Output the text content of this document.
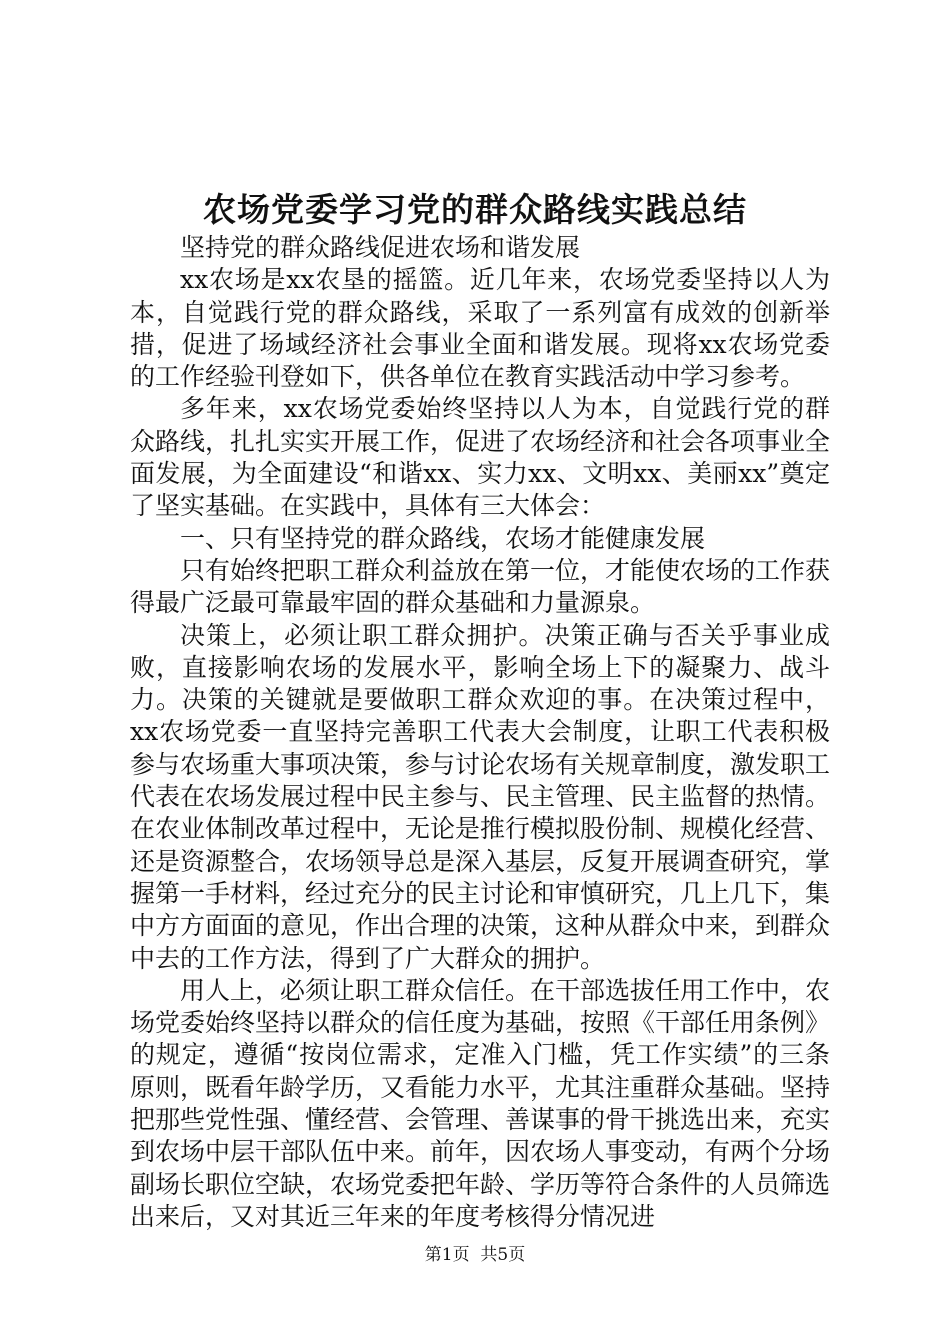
农场党委学习党的群众路线实践总结

坚持党的群众路线促进农场和谐发展

xx农场是xx农垦的摇篮。近几年来，农场党委坚持以人为本，自觉践行党的群众路线，采取了一系列富有成效的创新举措，促进了场域经济社会事业全面和谐发展。现将xx农场党委的工作经验刊登如下，供各单位在教育实践活动中学习参考。

多年来，xx农场党委始终坚持以人为本，自觉践行党的群众路线，扎扎实实开展工作，促进了农场经济和社会各项事业全面发展，为全面建设“和谐xx、实力xx、文明xx、美丽xx”奠定了坚实基础。在实践中，具体有三大体会：

一、只有坚持党的群众路线，农场才能健康发展

只有始终把职工群众利益放在第一位，才能使农场的工作获得最广泛最可靠最牢固的群众基础和力量源泉。

决策上，必须让职工群众拥护。决策正确与否关乎事业成败，直接影响农场的发展水平，影响全场上下的凝聚力、战斗力。决策的关键就是要做职工群众欢迎的事。在决策过程中，xx农场党委一直坚持完善职工代表大会制度，让职工代表积极参与农场重大事项决策，参与讨论农场有关规章制度，激发职工代表在农场发展过程中民主参与、民主管理、民主监督的热情。在农业体制改革过程中，无论是推行模拟股份制、规模化经营、还是资源整合，农场领导总是深入基层，反复开展调查研究，掌握第一手材料，经过充分的民主讨论和审慎研究，几上几下，集中方方面面的意见，作出合理的决策，这种从群众中来，到群众中去的工作方法，得到了广大群众的拥护。

用人上，必须让职工群众信任。在干部选拔任用工作中，农场党委始终坚持以群众的信任度为基础，按照《干部任用条例》的规定，遵循“按岗位需求，定准入门槛，凭工作实绩”的三条原则，既看年龄学历，又看能力水平，尤其注重群众基础。坚持把那些党性强、懂经营、会管理、善谋事的骨干挑选出来，充实到农场中层干部队伍中来。前年，因农场人事变动，有两个分场副场长职位空缺，农场党委把年龄、学历等符合条件的人员筛选出来后，又对其近三年来的年度考核得分情况进

第1页 共5页
